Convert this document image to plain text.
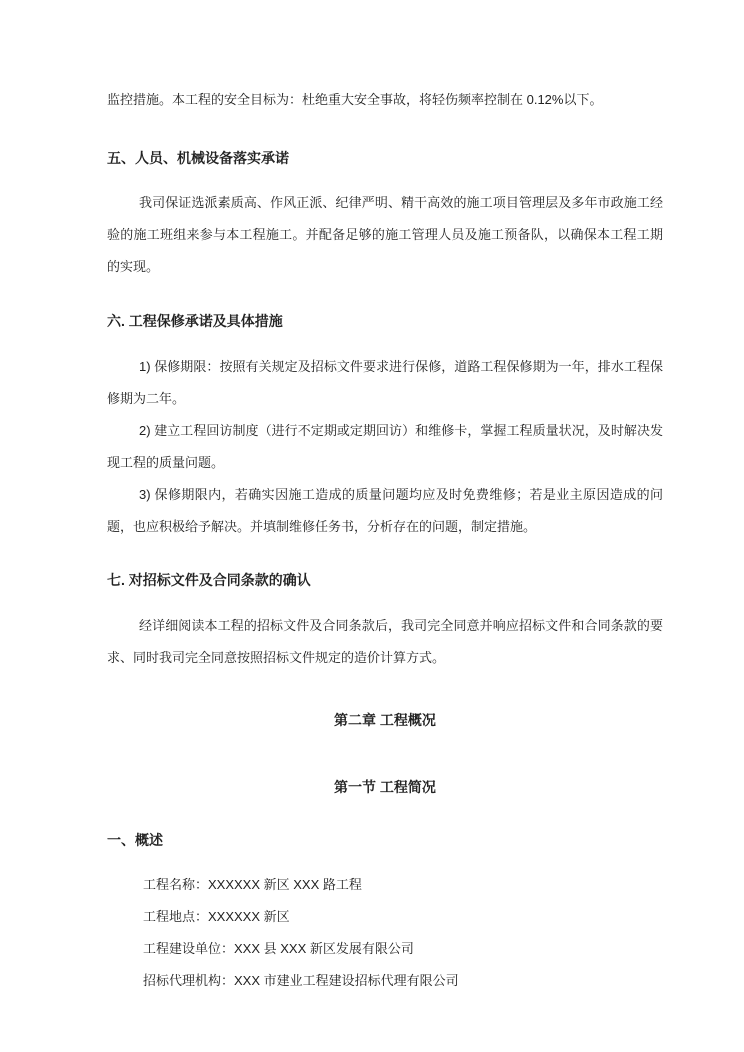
监控措施。本工程的安全目标为：杜绝重大安全事故，将轻伤频率控制在 0.12%以下。

五、人员、机械设备落实承诺

我司保证选派素质高、作风正派、纪律严明、精干高效的施工项目管理层及多年市政施工经验的施工班组来参与本工程施工。并配备足够的施工管理人员及施工预备队，以确保本工程工期的实现。

六. 工程保修承诺及具体措施

1) 保修期限：按照有关规定及招标文件要求进行保修，道路工程保修期为一年，排水工程保修期为二年。

2) 建立工程回访制度（进行不定期或定期回访）和维修卡，掌握工程质量状况，及时解决发现工程的质量问题。

3) 保修期限内，若确实因施工造成的质量问题均应及时免费维修；若是业主原因造成的问题，也应积极给予解决。并填制维修任务书，分析存在的问题，制定措施。

七. 对招标文件及合同条款的确认

经详细阅读本工程的招标文件及合同条款后，我司完全同意并响应招标文件和合同条款的要求、同时我司完全同意按照招标文件规定的造价计算方式。

第二章 工程概况
第一节 工程简况
一、概述

工程名称：XXXXXX 新区 XXX 路工程

工程地点：XXXXXX 新区

工程建设单位：XXX 县 XXX 新区发展有限公司

招标代理机构：XXX 市建业工程建设招标代理有限公司
